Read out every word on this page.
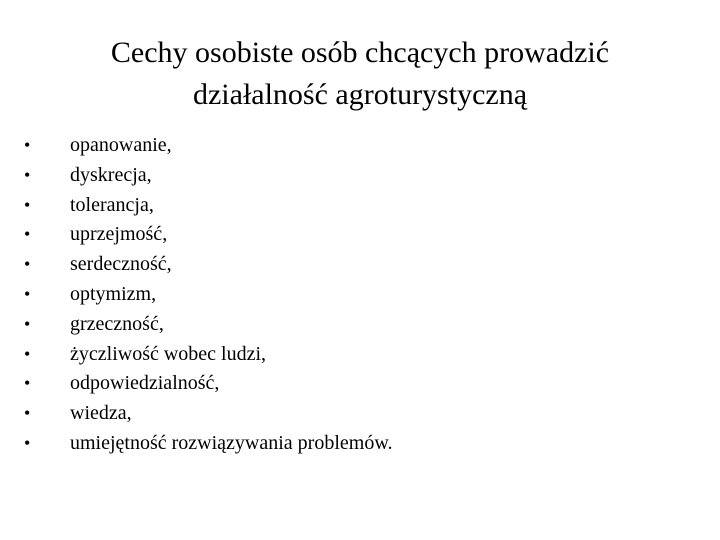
Cechy osobiste osób chcących prowadzić
działalność agroturystyczną
•	opanowanie,
•	dyskrecja,
•	tolerancja,
•	uprzejmość,
•	serdeczność,
•	optymizm,
•	grzeczność,
•	życzliwość wobec ludzi,
•	odpowiedzialność,
•	wiedza,
•	umiejętność rozwiązywania problemów.
